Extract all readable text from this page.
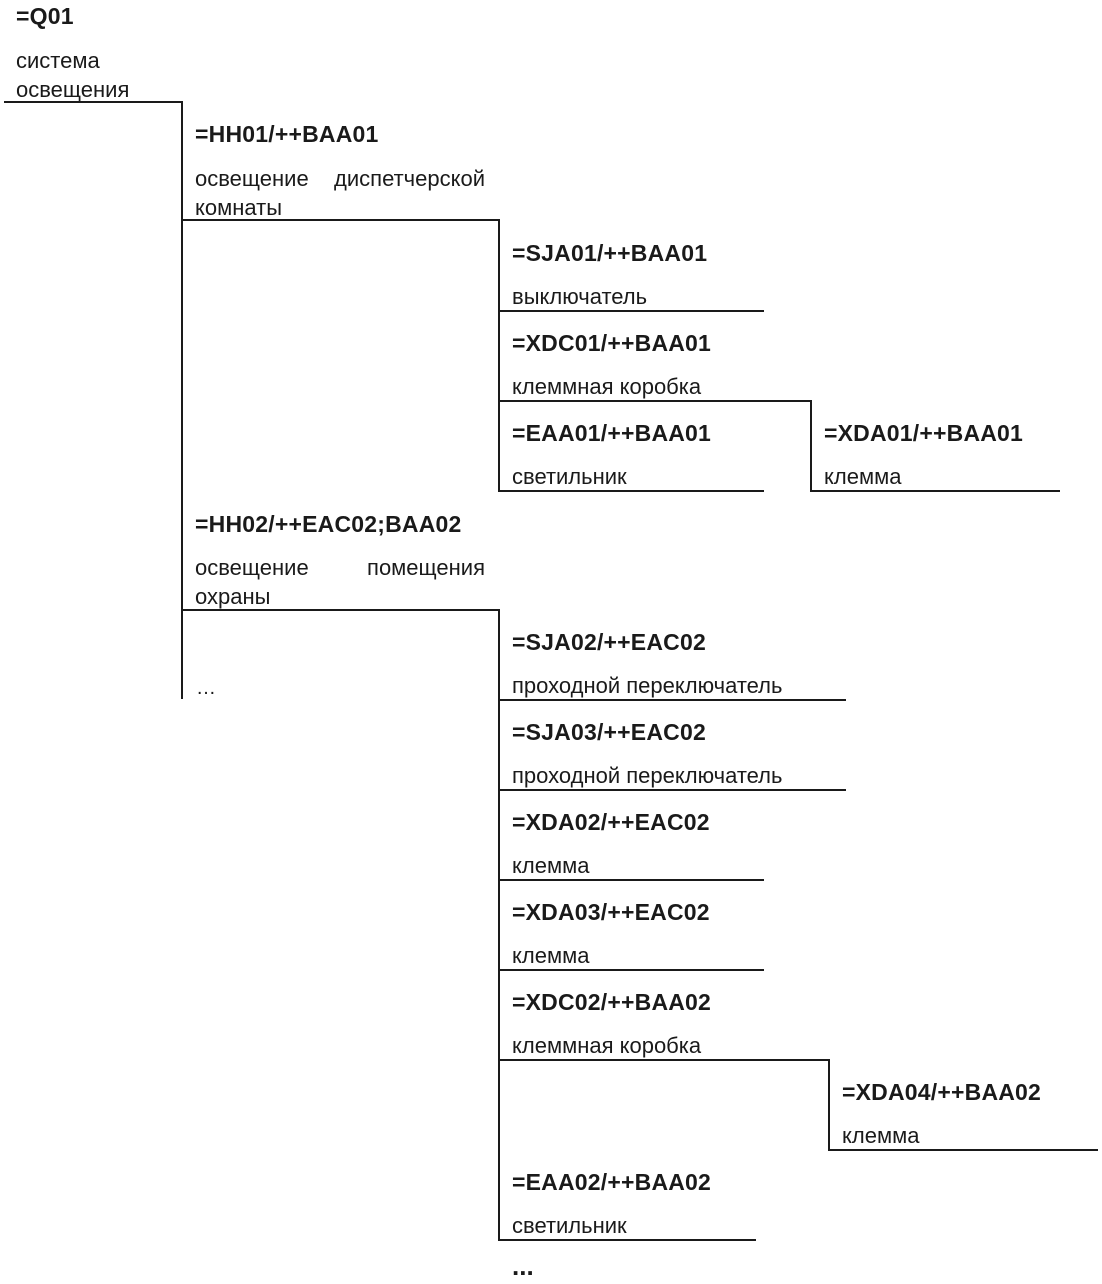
=Q01
система освещения
=HH01/++BAA01
освещение диспетчерской комнаты
=SJA01/++BAA01
выключатель
=XDC01/++BAA01
клеммная коробка
=EAA01/++BAA01
светильник
=XDA01/++BAA01
клемма
=HH02/++EAC02;BAA02
освещение помещения охраны
…
=SJA02/++EAC02
проходной переключатель
=SJA03/++EAC02
проходной переключатель
=XDA02/++EAC02
клемма
=XDA03/++EAC02
клемма
=XDC02/++BAA02
клеммная коробка
=XDA04/++BAA02
клемма
=EAA02/++BAA02
светильник
...
